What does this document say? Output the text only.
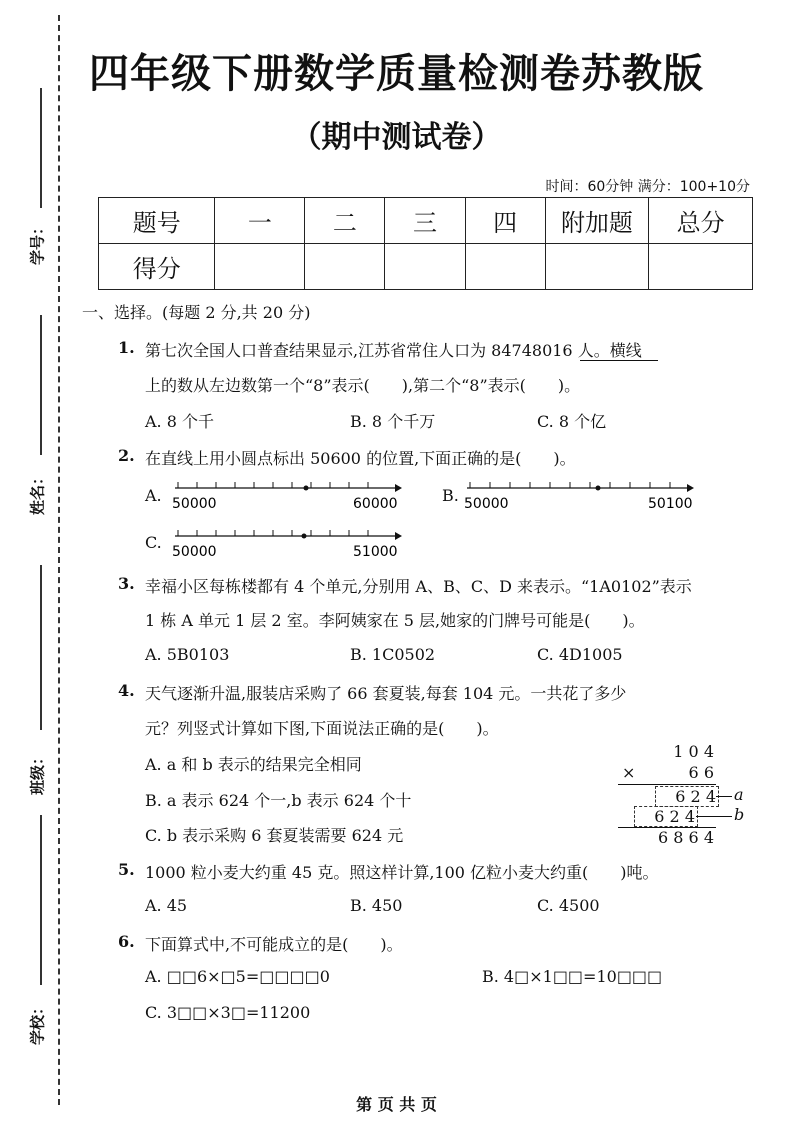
学号：
姓名：
班级：
学校：
四年级下册数学质量检测卷苏教版
（期中测试卷）
时间：60分钟 满分：100+10分
题号	一	二	三	四	附加题	总分
得分						
一、选择。(每题 2 分,共 20 分)
1. 第七次全国人口普查结果显示,江苏省常住人口为 84748016 人。横线
上的数从左边数第一个“8”表示(　　),第二个“8”表示(　　)。
A. 8 个千	B. 8 个千万	C. 8 个亿
2. 在直线上用小圆点标出 50600 的位置,下面正确的是(　　)。
A. 50000	60000	B. 50000	50100
C. 50000	51000
3. 幸福小区每栋楼都有 4 个单元,分别用 A、B、C、D 来表示。“1A0102”表示
1 栋 A 单元 1 层 2 室。李阿姨家在 5 层,她家的门牌号可能是(　　)。
A. 5B0103	B. 1C0502	C. 4D1005
4. 天气逐渐升温,服装店采购了 66 套夏装,每套 104 元。一共花了多少
元？列竖式计算如下图,下面说法正确的是(　　)。
A. a 和 b 表示的结果完全相同
B. a 表示 624 个一,b 表示 624 个十
C. b 表示采购 6 套夏装需要 624 元
1 0 4
×	6 6
6 2 4 a
6 2 4 b
6 8 6 4
5. 1000 粒小麦大约重 45 克。照这样计算,100 亿粒小麦大约重(　　)吨。
A. 45	B. 450	C. 4500
6. 下面算式中,不可能成立的是(　　)。
A. □□6×□5=□□□□0	B. 4□×1□□=10□□□
C. 3□□×3□=11200
第 页 共 页
